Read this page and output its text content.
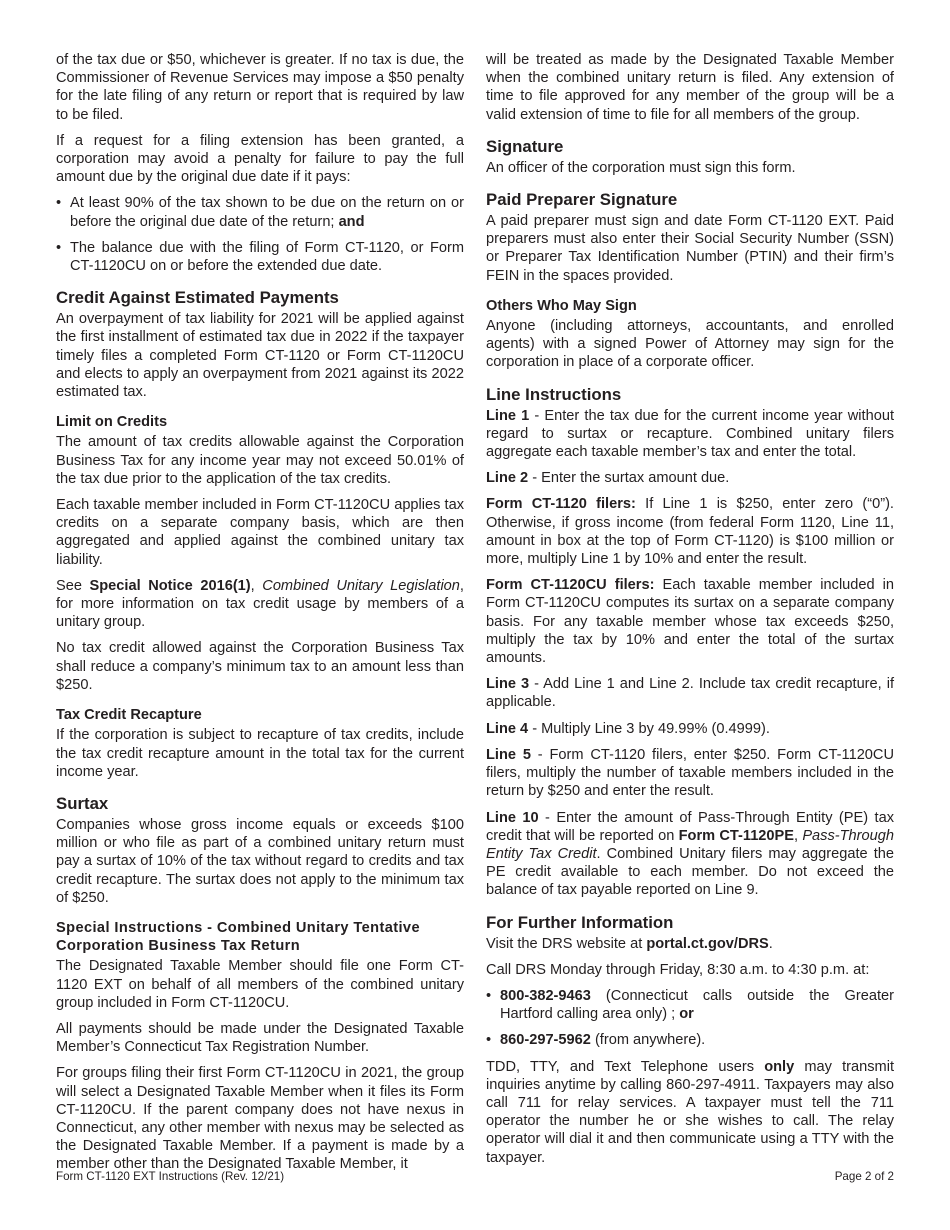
of the tax due or $50, whichever is greater. If no tax is due, the Commissioner of Revenue Services may impose a $50 penalty for the late filing of any return or report that is required by law to be filed.

If a request for a filing extension has been granted, a corporation may avoid a penalty for failure to pay the full amount due by the original due date if it pays:

• At least 90% of the tax shown to be due on the return on or before the original due date of the return; and
• The balance due with the filing of Form CT-1120, or Form CT-1120CU on or before the extended due date.
Credit Against Estimated Payments

An overpayment of tax liability for 2021 will be applied against the first installment of estimated tax due in 2022 if the taxpayer timely files a completed Form CT-1120 or Form CT-1120CU and elects to apply an overpayment from 2021 against its 2022 estimated tax.

Limit on Credits

The amount of tax credits allowable against the Corporation Business Tax for any income year may not exceed 50.01% of the tax due prior to the application of the tax credits.

Each taxable member included in Form CT-1120CU applies tax credits on a separate company basis, which are then aggregated and applied against the combined unitary tax liability.

See Special Notice 2016(1), Combined Unitary Legislation, for more information on tax credit usage by members of a unitary group.

No tax credit allowed against the Corporation Business Tax shall reduce a company’s minimum tax to an amount less than $250.

Tax Credit Recapture

If the corporation is subject to recapture of tax credits, include the tax credit recapture amount in the total tax for the current income year.

Surtax

Companies whose gross income equals or exceeds $100 million or who file as part of a combined unitary return must pay a surtax of 10% of the tax without regard to credits and tax credit recapture. The surtax does not apply to the minimum tax of $250.

Special Instructions - Combined Unitary Tentative Corporation Business Tax Return

The Designated Taxable Member should file one Form CT-1120 EXT on behalf of all members of the combined unitary group included in Form CT-1120CU.

All payments should be made under the Designated Taxable Member’s Connecticut Tax Registration Number.

For groups filing their first Form CT-1120CU in 2021, the group will select a Designated Taxable Member when it files its Form CT-1120CU. If the parent company does not have nexus in Connecticut, any other member with nexus may be selected as the Designated Taxable Member. If a payment is made by a member other than the Designated Taxable Member, it

will be treated as made by the Designated Taxable Member when the combined unitary return is filed. Any extension of time to file approved for any member of the group will be a valid extension of time to file for all members of the group.

Signature

An officer of the corporation must sign this form.

Paid Preparer Signature

A paid preparer must sign and date Form CT-1120 EXT. Paid preparers must also enter their Social Security Number (SSN) or Preparer Tax Identification Number (PTIN) and their firm’s FEIN in the spaces provided.

Others Who May Sign

Anyone (including attorneys, accountants, and enrolled agents) with a signed Power of Attorney may sign for the corporation in place of a corporate officer.

Line Instructions

Line 1 - Enter the tax due for the current income year without regard to surtax or recapture. Combined unitary filers aggregate each taxable member’s tax and enter the total.

Line 2 - Enter the surtax amount due.

Form CT-1120 filers: If Line 1 is $250, enter zero (“0”). Otherwise, if gross income (from federal Form 1120, Line 11, amount in box at the top of Form CT-1120) is $100 million or more, multiply Line 1 by 10% and enter the result.

Form CT-1120CU filers: Each taxable member included in Form CT-1120CU computes its surtax on a separate company basis. For any taxable member whose tax exceeds $250, multiply the tax by 10% and enter the total of the surtax amounts.

Line 3 - Add Line 1 and Line 2. Include tax credit recapture, if applicable.

Line 4 - Multiply Line 3 by 49.99% (0.4999).

Line 5 - Form CT-1120 filers, enter $250. Form CT-1120CU filers, multiply the number of taxable members included in the return by $250 and enter the result.

Line 10 - Enter the amount of Pass-Through Entity (PE) tax credit that will be reported on Form CT-1120PE, Pass-Through Entity Tax Credit. Combined Unitary filers may aggregate the PE credit available to each member. Do not exceed the balance of tax payable reported on Line 9.

For Further Information

Visit the DRS website at portal.ct.gov/DRS.

Call DRS Monday through Friday, 8:30 a.m. to 4:30 p.m. at:

• 800-382-9463 (Connecticut calls outside the Greater Hartford calling area only) ; or
• 860-297-5962 (from anywhere).

TDD, TTY, and Text Telephone users only may transmit inquiries anytime by calling 860-297-4911. Taxpayers may also call 711 for relay services. A taxpayer must tell the 711 operator the number he or she wishes to call. The relay operator will dial it and then communicate using a TTY with the taxpayer.

Form CT-1120 EXT Instructions (Rev. 12/21)	Page 2 of 2
